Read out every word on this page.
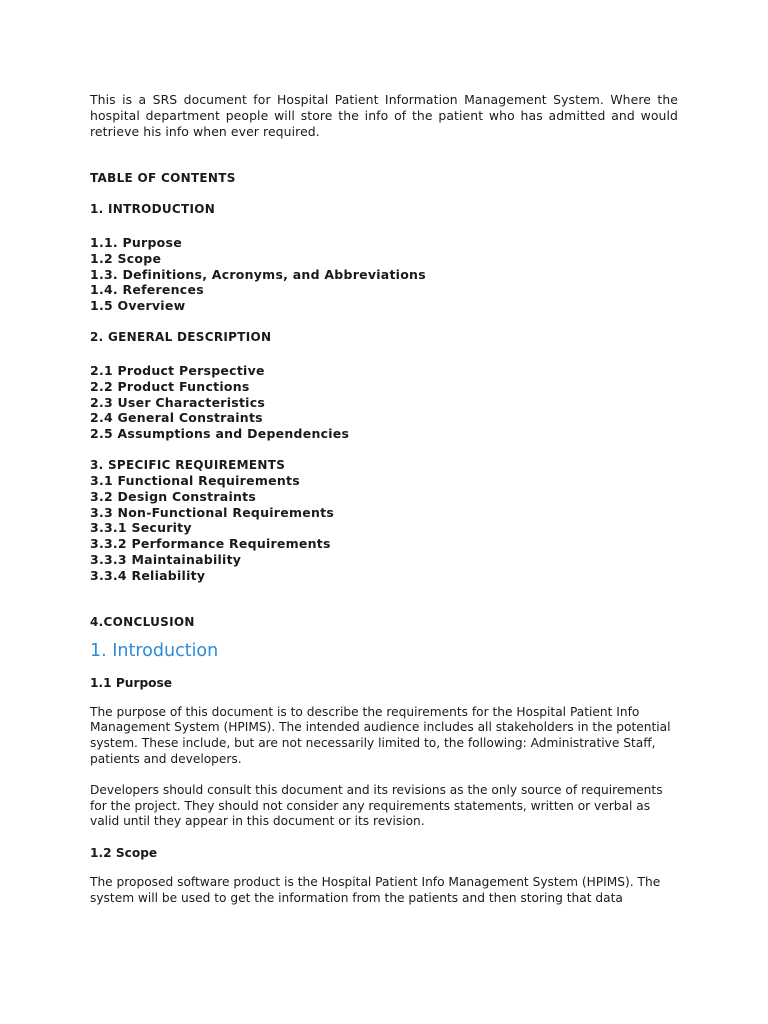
This is a SRS document for Hospital Patient Information Management System. Where the hospital department people will store the info of the patient who has admitted and would retrieve his info when ever required.

TABLE OF CONTENTS

1. INTRODUCTION

1.1. Purpose
1.2 Scope
1.3. Definitions, Acronyms, and Abbreviations
1.4. References
1.5 Overview

2. GENERAL DESCRIPTION

2.1 Product Perspective
2.2 Product Functions
2.3 User Characteristics
2.4 General Constraints
2.5 Assumptions and Dependencies

3. SPECIFIC REQUIREMENTS

3.1 Functional Requirements
3.2 Design Constraints
3.3 Non-Functional Requirements
3.3.1 Security
3.3.2 Performance Requirements
3.3.3 Maintainability
3.3.4 Reliability

4.CONCLUSION

1. Introduction
1.1 Purpose

The purpose of this document is to describe the requirements for the Hospital Patient Info Management System (HPIMS). The intended audience includes all stakeholders in the potential system. These include, but are not necessarily limited to, the following: Administrative Staff, patients and developers.

Developers should consult this document and its revisions as the only source of requirements for the project. They should not consider any requirements statements, written or verbal as valid until they appear in this document or its revision.

1.2 Scope

The proposed software product is the Hospital Patient Info Management System (HPIMS). The system will be used to get the information from the patients and then storing that data
